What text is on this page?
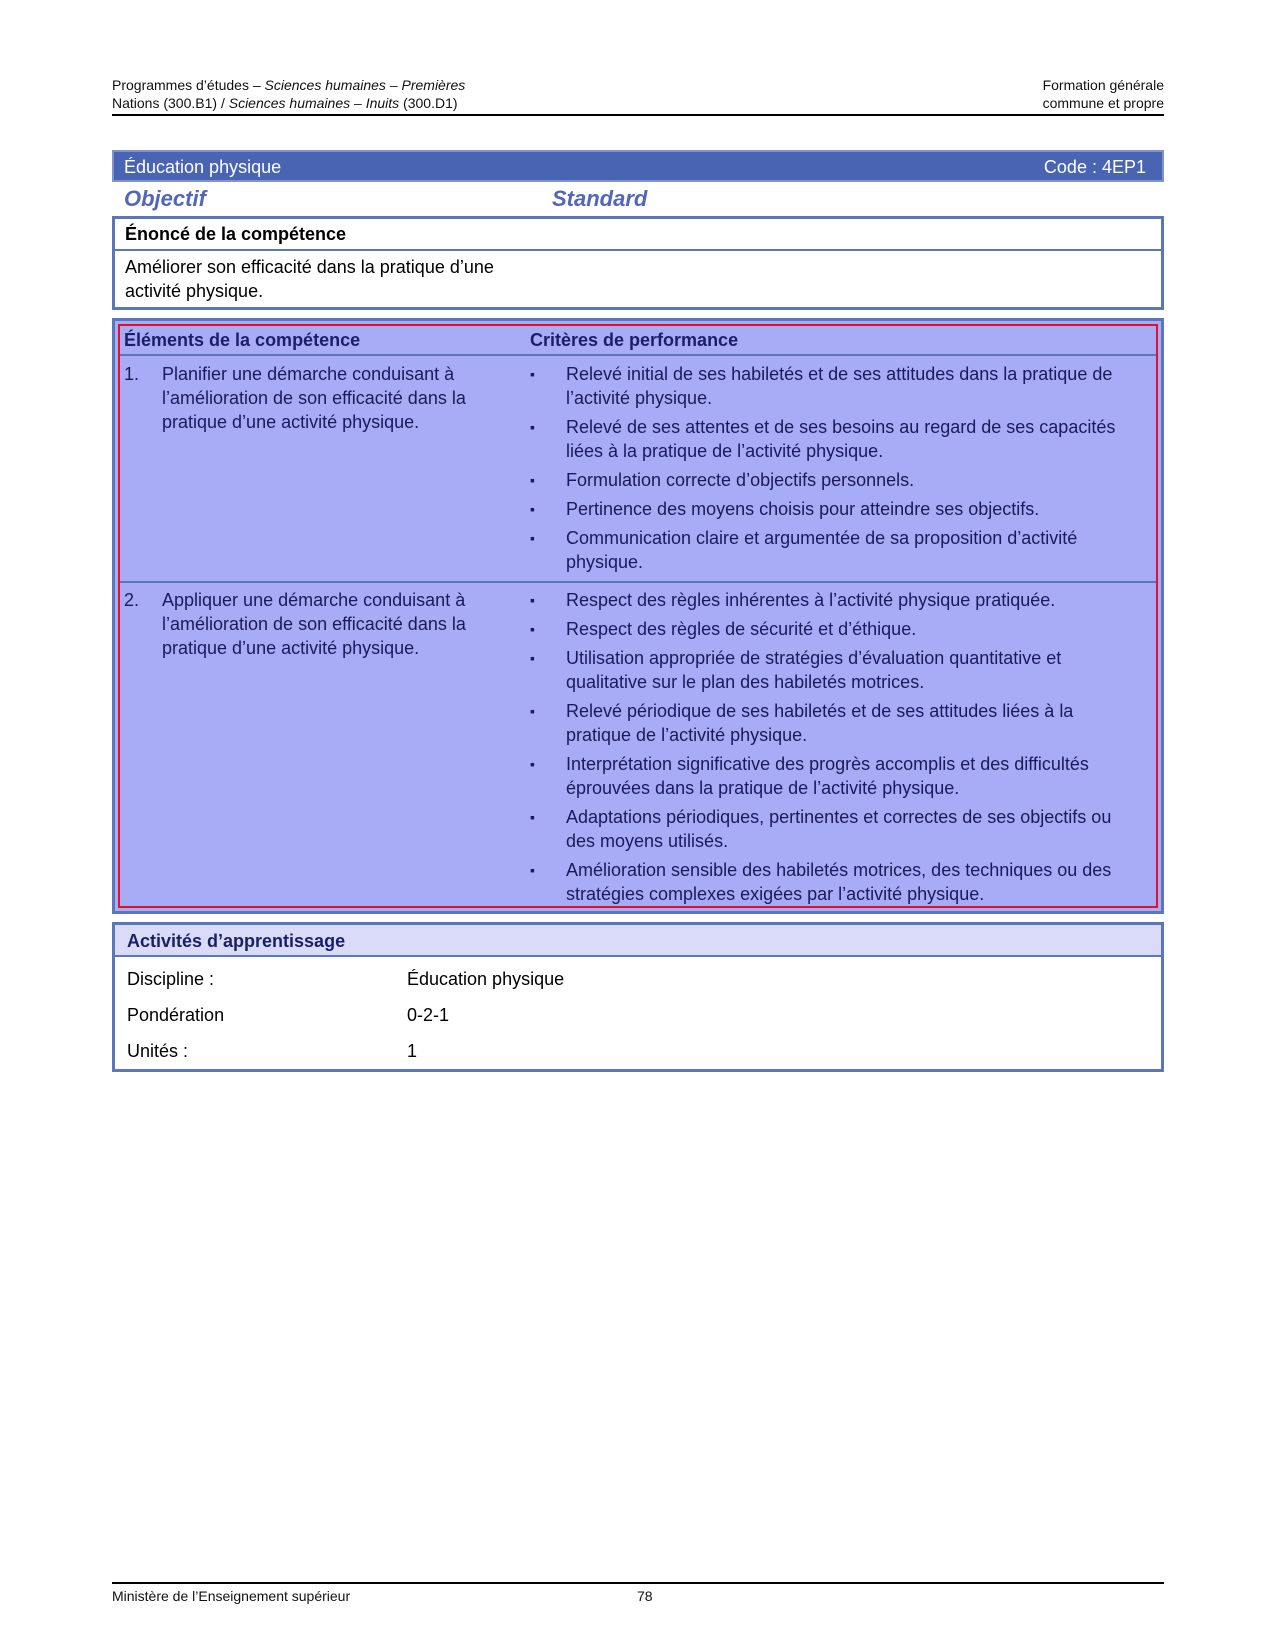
Programmes d’études – Sciences humaines – Premières
Nations (300.B1) / Sciences humaines – Inuits (300.D1)
Formation générale
commune et propre
Éducation physique	Code : 4EP1
Objectif	Standard
Énoncé de la compétence
Améliorer son efficacité dans la pratique d’une activité physique.
Éléments de la compétence	Critères de performance
1.	Planifier une démarche conduisant à l’amélioration de son efficacité dans la pratique d’une activité physique.
▪ Relevé initial de ses habiletés et de ses attitudes dans la pratique de l’activité physique.
▪ Relevé de ses attentes et de ses besoins au regard de ses capacités liées à la pratique de l’activité physique.
▪ Formulation correcte d’objectifs personnels.
▪ Pertinence des moyens choisis pour atteindre ses objectifs.
▪ Communication claire et argumentée de sa proposition d’activité physique.
2.	Appliquer une démarche conduisant à l’amélioration de son efficacité dans la pratique d’une activité physique.
▪ Respect des règles inhérentes à l’activité physique pratiquée.
▪ Respect des règles de sécurité et d’éthique.
▪ Utilisation appropriée de stratégies d’évaluation quantitative et qualitative sur le plan des habiletés motrices.
▪ Relevé périodique de ses habiletés et de ses attitudes liées à la pratique de l’activité physique.
▪ Interprétation significative des progrès accomplis et des difficultés éprouvées dans la pratique de l’activité physique.
▪ Adaptations périodiques, pertinentes et correctes de ses objectifs ou des moyens utilisés.
▪ Amélioration sensible des habiletés motrices, des techniques ou des stratégies complexes exigées par l’activité physique.
Activités d’apprentissage
Discipline :	Éducation physique
Pondération	0-2-1
Unités :	1
Ministère de l’Enseignement supérieur	78
